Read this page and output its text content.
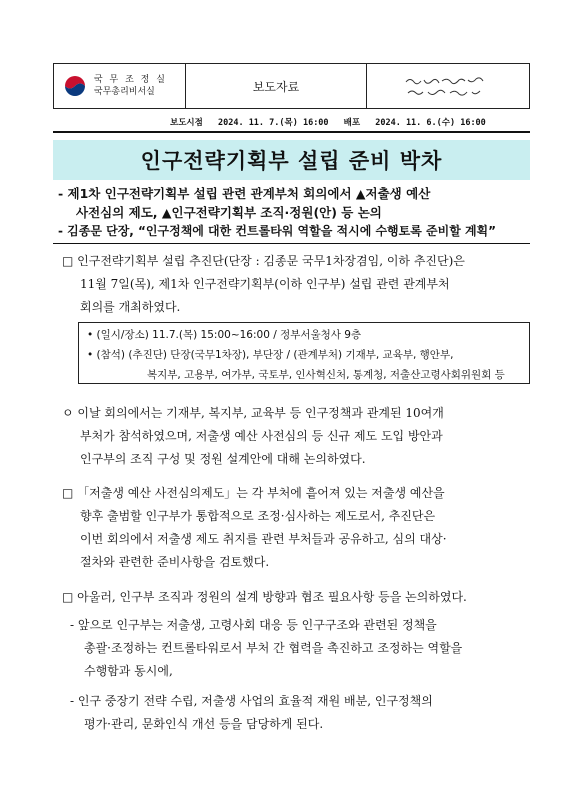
국 무 조 정 실
국무총리비서실	보도자료
보도시점 2024. 11. 7.(목) 16:00 배포 2024. 11. 6.(수) 16:00
인구전략기획부 설립 준비 박차
- 제1차 인구전략기획부 설립 관련 관계부처 회의에서 ▲저출생 예산
사전심의 제도, ▲인구전략기획부 조직·정원(안) 등 논의
- 김종문 단장, “인구정책에 대한 컨트롤타워 역할을 적시에 수행토록 준비할 계획”
□ 인구전략기획부 설립 추진단(단장 : 김종문 국무1차장겸임, 이하 추진단)은
11월 7일(목), 제1차 인구전략기획부(이하 인구부) 설립 관련 관계부처
회의를 개최하였다.
• (일시/장소) 11.7.(목) 15:00~16:00 / 정부서울청사 9층
• (참석) (추진단) 단장(국무1차장), 부단장 / (관계부처) 기재부, 교육부, 행안부,
복지부, 고용부, 여가부, 국토부, 인사혁신처, 통계청, 저출산고령사회위원회 등
ㅇ 이날 회의에서는 기재부, 복지부, 교육부 등 인구정책과 관계된 10여개
부처가 참석하였으며, 저출생 예산 사전심의 등 신규 제도 도입 방안과
인구부의 조직 구성 및 정원 설계안에 대해 논의하였다.
□ 「저출생 예산 사전심의제도」는 각 부처에 흩어져 있는 저출생 예산을
향후 출범할 인구부가 통합적으로 조정·심사하는 제도로서, 추진단은
이번 회의에서 저출생 제도 취지를 관련 부처들과 공유하고, 심의 대상·
절차와 관련한 준비사항을 검토했다.
□ 아울러, 인구부 조직과 정원의 설계 방향과 협조 필요사항 등을 논의하였다.
- 앞으로 인구부는 저출생, 고령사회 대응 등 인구구조와 관련된 정책을
총괄·조정하는 컨트롤타워로서 부처 간 협력을 촉진하고 조정하는 역할을
수행함과 동시에,
- 인구 중장기 전략 수립, 저출생 사업의 효율적 재원 배분, 인구정책의
평가·관리, 문화인식 개선 등을 담당하게 된다.
